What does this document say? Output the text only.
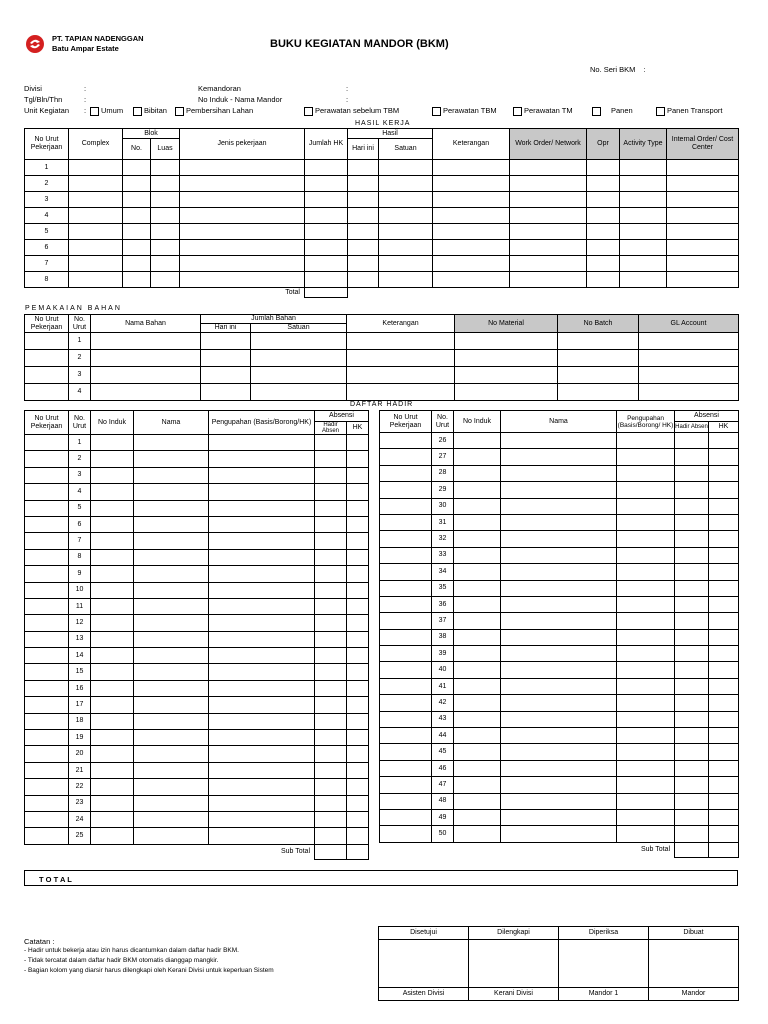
PT. TAPIAN NADENGGAN
Batu Ampar Estate	BUKU KEGIATAN MANDOR (BKM)
No. Seri BKM :
Divisi	:
Tgl/Bln/Thn	:
Unit Kegiatan :
Kemandoran	:
No Induk - Nama Mandor	:
Umum	Bibitan	Pembersihan Lahan	Perawatan sebelum TBM	Perawatan TBM	Perawatan TM	Panen	Panen Transport
HASIL KERJA
No Urut Pekerjaan	Complex	Blok		Jenis pekerjaan	Jumlah HK	Hasil		Keterangan	Work Order/ Network	Opr	Activity Type	Internal Order/ Cost Center
		No.	Luas			Hari ini	Satuan					
1												
2												
3												
4												
5												
6												
7												
8												
Total												
PEMAKAIAN BAHAN
No Urut Pekerjaan	No. Urut	Nama Bahan	Jumlah Bahan		Keterangan	No Material	No Batch	GL Account
			Hari ini	Satuan				
	1							
	2							
	3							
	4							
DAFTAR HADIR
No Urut Pekerjaan	No. Urut	No Induk	Nama	Pengupahan (Basis/Borong/HK)	Absensi	
					Hadir Absen	HK
	1					
	2					
	3					
	4					
	5					
	6					
	7					
	8					
	9					
	10					
	11					
	12					
	13					
	14					
	15					
	16					
	17					
	18					
	19					
	20					
	21					
	22					
	23					
	24					
	25					
Sub Total						
No Urut Pekerjaan	No. Urut	No Induk	Nama	Pengupahan (Basis/Borong/ HK)	Absensi	
					Hadir Absen	HK
	26					
	27					
	28					
	29					
	30					
	31					
	32					
	33					
	34					
	35					
	36					
	37					
	38					
	39					
	40					
	41					
	42					
	43					
	44					
	45					
	46					
	47					
	48					
	49					
	50					
Sub Total						
T O T A L
Catatan :
- Hadir untuk bekerja atau izin harus dicantumkan dalam daftar hadir BKM.
- Tidak tercatat dalam daftar hadir BKM otomatis dianggap mangkir.
- Bagian kolom yang diarsir harus dilengkapi oleh Kerani Divisi untuk keperluan Sistem
Disetujui	Dilengkapi	Diperiksa	Dibuat

Asisten Divisi	Kerani Divisi	Mandor 1	Mandor
